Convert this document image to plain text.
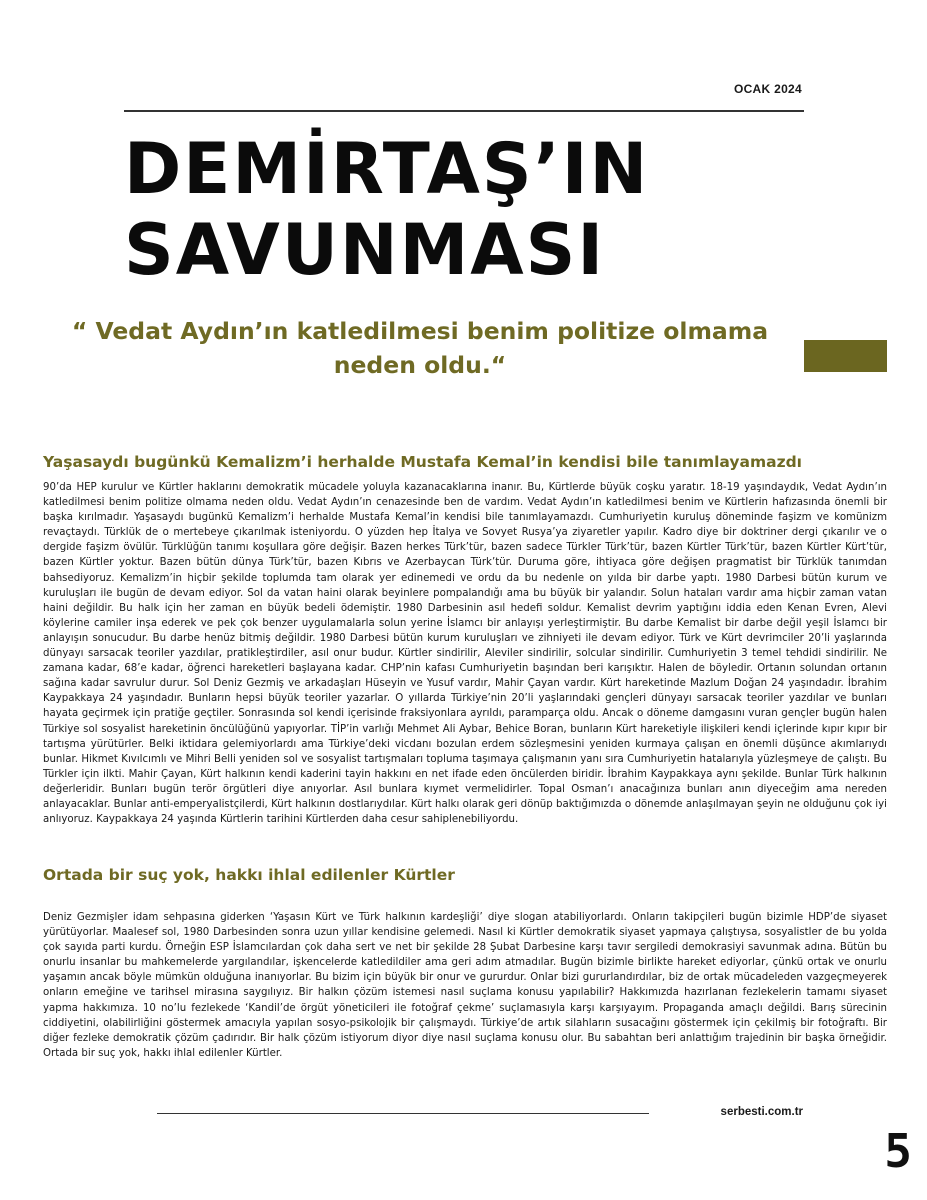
OCAK 2024
DEMİRTAŞ’IN SAVUNMASI

“ Vedat Aydın’ın katledilmesi benim politize olmama neden oldu.“

Yaşasaydı bugünkü Kemalizm’i herhalde Mustafa Kemal’in kendisi bile tanımlayamazdı

90’da HEP kurulur ve Kürtler haklarını demokratik mücadele yoluyla kazanacaklarına inanır. Bu, Kürtlerde büyük coşku yaratır. 18-19 yaşındaydık, Vedat Aydın’ın katledilmesi benim politize olmama neden oldu. Vedat Aydın’ın cenazesinde ben de vardım. Vedat Aydın’ın katledilmesi benim ve Kürtlerin hafızasında önemli bir başka kırılmadır. Yaşasaydı bugünkü Kemalizm’i herhalde Mustafa Kemal’in kendisi bile tanımlayamazdı. Cumhuriyetin kuruluş döneminde faşizm ve komünizm revaçtaydı. Türklük de o mertebeye çıkarılmak isteniyordu. O yüzden hep İtalya ve Sovyet Rusya’ya ziyaretler yapılır. Kadro diye bir doktriner dergi çıkarılır ve o dergide faşizm övülür. Türklüğün tanımı koşullara göre değişir. Bazen herkes Türk’tür, bazen sadece Türkler Türk’tür, bazen Kürtler Türk’tür, bazen Kürtler Kürt’tür, bazen Kürtler yoktur. Bazen bütün dünya Türk’tür, bazen Kıbrıs ve Azerbaycan Türk’tür. Duruma göre, ihtiyaca göre değişen pragmatist bir Türklük tanımdan bahsediyoruz. Kemalizm’in hiçbir şekilde toplumda tam olarak yer edinemedi ve ordu da bu nedenle on yılda bir darbe yaptı. 1980 Darbesi bütün kurum ve kuruluşları ile bugün de devam ediyor. Sol da vatan haini olarak beyinlere pompalandığı ama bu büyük bir yalandır. Solun hataları vardır ama hiçbir zaman vatan haini değildir. Bu halk için her zaman en büyük bedeli ödemiştir. 1980 Darbesinin asıl hedefi soldur. Kemalist devrim yaptığını iddia eden Kenan Evren, Alevi köylerine camiler inşa ederek ve pek çok benzer uygulamalarla solun yerine İslamcı bir anlayışı yerleştirmiştir. Bu darbe Kemalist bir darbe değil yeşil İslamcı bir anlayışın sonucudur. Bu darbe henüz bitmiş değildir. 1980 Darbesi bütün kurum kuruluşları ve zihniyeti ile devam ediyor. Türk ve Kürt devrimciler 20’li yaşlarında dünyayı sarsacak teoriler yazdılar, pratikleştirdiler, asıl onur budur. Kürtler sindirilir, Aleviler sindirilir, solcular sindirilir. Cumhuriyetin 3 temel tehdidi sindirilir. Ne zamana kadar, 68’e kadar, öğrenci hareketleri başlayana kadar. CHP’nin kafası Cumhuriyetin başından beri karışıktır. Halen de böyledir. Ortanın solundan ortanın sağına kadar savrulur durur. Sol Deniz Gezmiş ve arkadaşları Hüseyin ve Yusuf vardır, Mahir Çayan vardır. Kürt hareketinde Mazlum Doğan 24 yaşındadır. İbrahim Kaypakkaya 24 yaşındadır. Bunların hepsi büyük teoriler yazarlar. O yıllarda Türkiye’nin 20’li yaşlarındaki gençleri dünyayı sarsacak teoriler yazdılar ve bunları hayata geçirmek için pratiğe geçtiler. Sonrasında sol kendi içerisinde fraksiyonlara ayrıldı, paramparça oldu. Ancak o döneme damgasını vuran gençler bugün halen Türkiye sol sosyalist hareketinin öncülüğünü yapıyorlar. TİP’in varlığı Mehmet Ali Aybar, Behice Boran, bunların Kürt hareketiyle ilişkileri kendi içlerinde kıpır kıpır bir tartışma yürütürler. Belki iktidara gelemiyorlardı ama Türkiye’deki vicdanı bozulan erdem sözleşmesini yeniden kurmaya çalışan en önemli düşünce akımlarıydı bunlar. Hikmet Kıvılcımlı ve Mihri Belli yeniden sol ve sosyalist tartışmaları topluma taşımaya çalışmanın yanı sıra Cumhuriyetin hatalarıyla yüzleşmeye de çalıştı. Bu Türkler için ilkti. Mahir Çayan, Kürt halkının kendi kaderini tayin hakkını en net ifade eden öncülerden biridir. İbrahim Kaypakkaya aynı şekilde. Bunlar Türk halkının değerleridir. Bunları bugün terör örgütleri diye anıyorlar. Asıl bunlara kıymet vermelidirler. Topal Osman’ı anacağınıza bunları anın diyeceğim ama nereden anlayacaklar. Bunlar anti-emperyalistçilerdi, Kürt halkının dostlarıydılar. Kürt halkı olarak geri dönüp baktığımızda o dönemde anlaşılmayan şeyin ne olduğunu çok iyi anlıyoruz. Kaypakkaya 24 yaşında Kürtlerin tarihini Kürtlerden daha cesur sahiplenebiliyordu.

Ortada bir suç yok, hakkı ihlal edilenler Kürtler

Deniz Gezmişler idam sehpasına giderken ‘Yaşasın Kürt ve Türk halkının kardeşliği’ diye slogan atabiliyorlardı. Onların takipçileri bugün bizimle HDP’de siyaset yürütüyorlar. Maalesef sol, 1980 Darbesinden sonra uzun yıllar kendisine gelemedi. Nasıl ki Kürtler demokratik siyaset yapmaya çalıştıysa, sosyalistler de bu yolda çok sayıda parti kurdu. Örneğin ESP İslamcılardan çok daha sert ve net bir şekilde 28 Şubat Darbesine karşı tavır sergiledi demokrasiyi savunmak adına. Bütün bu onurlu insanlar bu mahkemelerde yargılandılar, işkencelerde katledildiler ama geri adım atmadılar. Bugün bizimle birlikte hareket ediyorlar, çünkü ortak ve onurlu yaşamın ancak böyle mümkün olduğuna inanıyorlar. Bu bizim için büyük bir onur ve gururdur. Onlar bizi gururlandırdılar, biz de ortak mücadeleden vazgeçmeyerek onların emeğine ve tarihsel mirasına saygılıyız. Bir halkın çözüm istemesi nasıl suçlama konusu yapılabilir? Hakkımızda hazırlanan fezlekelerin tamamı siyaset yapma hakkımıza. 10 no’lu fezlekede ‘Kandil’de örgüt yöneticileri ile fotoğraf çekme’ suçlamasıyla karşı karşıyayım. Propaganda amaçlı değildi. Barış sürecinin ciddiyetini, olabilirliğini göstermek amacıyla yapılan sosyo-psikolojik bir çalışmaydı. Türkiye’de artık silahların susacağını göstermek için çekilmiş bir fotoğraftı. Bir diğer fezleke demokratik çözüm çadırıdır. Bir halk çözüm istiyorum diyor diye nasıl suçlama konusu olur. Bu sabahtan beri anlattığım trajedinin bir başka örneğidir. Ortada bir suç yok, hakkı ihlal edilenler Kürtler.

serbesti.com.tr
5
